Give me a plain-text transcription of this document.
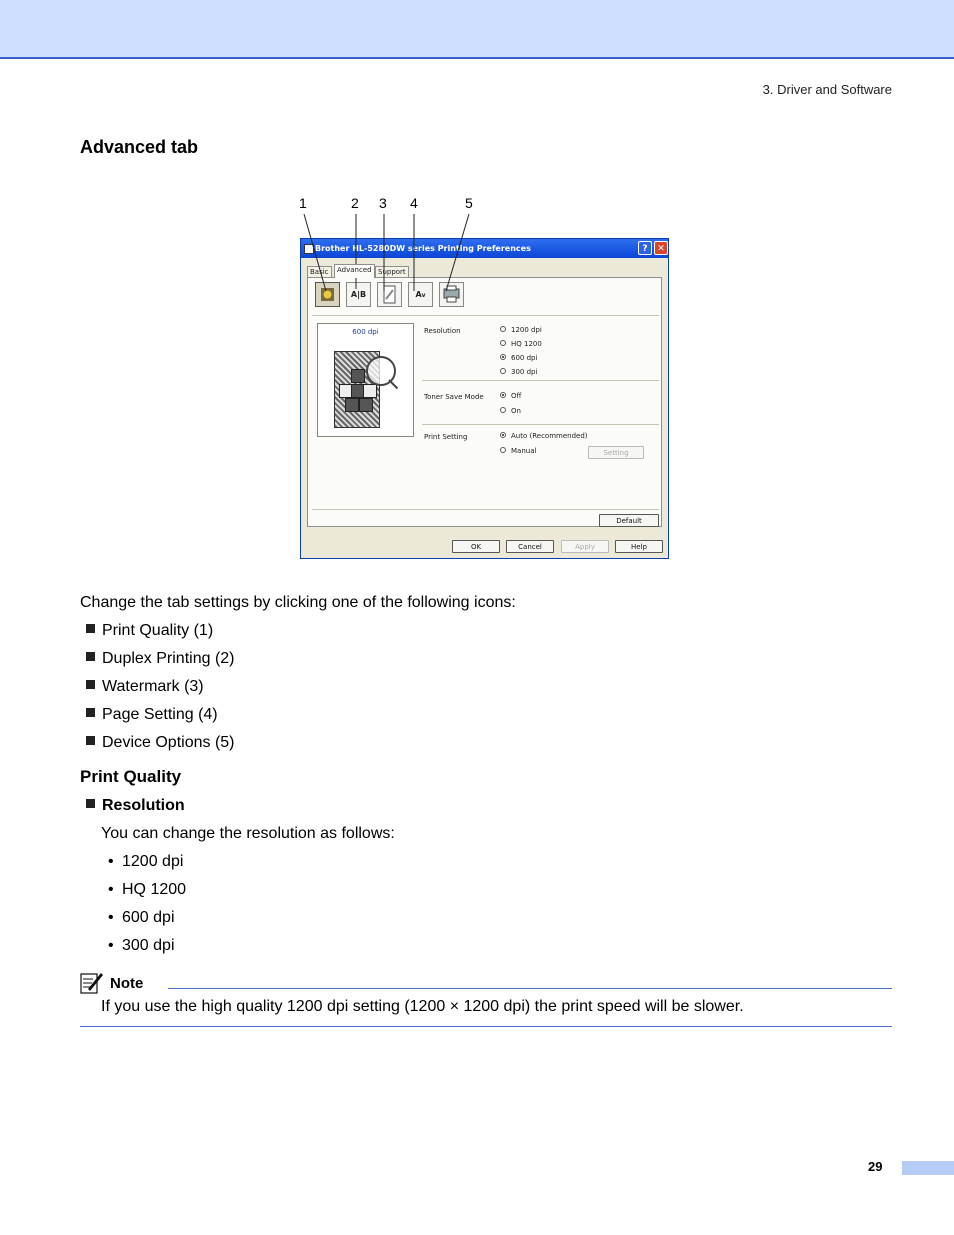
3. Driver and Software
Advanced tab
1	2 3 4	5
Brother HL-5280DW series Printing Preferences	?	✕
Basic	Advanced Support
A|B	Av
600 dpi	Resolution	1200 dpi
HQ 1200
600 dpi
300 dpi
Toner Save Mode	Off
On
Print Setting	Auto (Recommended)
Manual	Setting
Default
OK	Cancel	Apply	Help
Change the tab settings by clicking one of the following icons:
Print Quality (1)
Duplex Printing (2)
Watermark (3)
Page Setting (4)
Device Options (5)
Print Quality
Resolution
You can change the resolution as follows:
• 1200 dpi
• HQ 1200
• 600 dpi
• 300 dpi
Note
If you use the high quality 1200 dpi setting (1200 × 1200 dpi) the print speed will be slower.
29
